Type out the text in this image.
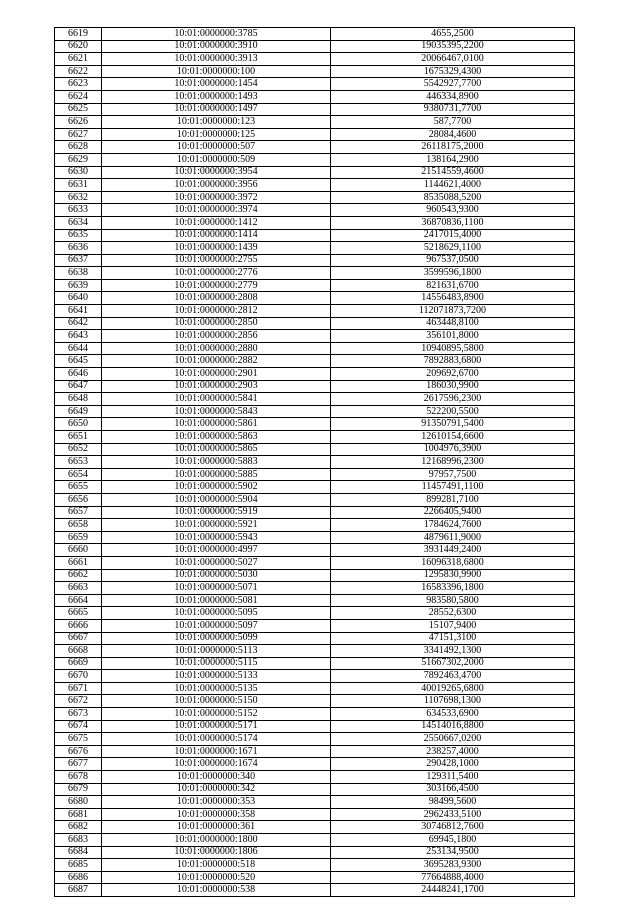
6619	10:01:0000000:3785	4655,2500
6620	10:01:0000000:3910	19035395,2200
6621	10:01:0000000:3913	20066467,0100
6622	10:01:0000000:100	1675329,4300
6623	10:01:0000000:1454	5542927,7700
6624	10:01:0000000:1493	446334,8900
6625	10:01:0000000:1497	9380731,7700
6626	10:01:0000000:123	587,7700
6627	10:01:0000000:125	28084,4600
6628	10:01:0000000:507	26118175,2000
6629	10:01:0000000:509	138164,2900
6630	10:01:0000000:3954	21514559,4600
6631	10:01:0000000:3956	1144621,4000
6632	10:01:0000000:3972	8535088,5200
6633	10:01:0000000:3974	960543,9300
6634	10:01:0000000:1412	36870836,1100
6635	10:01:0000000:1414	2417015,4000
6636	10:01:0000000:1439	5218629,1100
6637	10:01:0000000:2755	967537,0500
6638	10:01:0000000:2776	3599596,1800
6639	10:01:0000000:2779	821631,6700
6640	10:01:0000000:2808	14556483,8900
6641	10:01:0000000:2812	112071873,7200
6642	10:01:0000000:2850	463448,8100
6643	10:01:0000000:2856	356101,8000
6644	10:01:0000000:2880	10940895,5800
6645	10:01:0000000:2882	7892883,6800
6646	10:01:0000000:2901	209692,6700
6647	10:01:0000000:2903	186030,9900
6648	10:01:0000000:5841	2617596,2300
6649	10:01:0000000:5843	522200,5500
6650	10:01:0000000:5861	91350791,5400
6651	10:01:0000000:5863	12610154,6600
6652	10:01:0000000:5865	1004976,3900
6653	10:01:0000000:5883	12168996,2300
6654	10:01:0000000:5885	97957,7500
6655	10:01:0000000:5902	11457491,1100
6656	10:01:0000000:5904	899281,7100
6657	10:01:0000000:5919	2266405,9400
6658	10:01:0000000:5921	1784624,7600
6659	10:01:0000000:5943	4879611,9000
6660	10:01:0000000:4997	3931449,2400
6661	10:01:0000000:5027	16096318,6800
6662	10:01:0000000:5030	1295830,9900
6663	10:01:0000000:5071	16583396,1800
6664	10:01:0000000:5081	983580,5800
6665	10:01:0000000:5095	28552,6300
6666	10:01:0000000:5097	15107,9400
6667	10:01:0000000:5099	47151,3100
6668	10:01:0000000:5113	3341492,1300
6669	10:01:0000000:5115	51667302,2000
6670	10:01:0000000:5133	7892463,4700
6671	10:01:0000000:5135	40019265,6800
6672	10:01:0000000:5150	1107698,1300
6673	10:01:0000000:5152	634533,6900
6674	10:01:0000000:5171	14514016,8800
6675	10:01:0000000:5174	2550667,0200
6676	10:01:0000000:1671	238257,4000
6677	10:01:0000000:1674	290428,1000
6678	10:01:0000000:340	129311,5400
6679	10:01:0000000:342	303166,4500
6680	10:01:0000000:353	98499,5600
6681	10:01:0000000:358	2962433,5100
6682	10:01:0000000:361	30746812,7600
6683	10:01:0000000:1800	69945,1800
6684	10:01:0000000:1806	253134,9500
6685	10:01:0000000:518	3695283,9300
6686	10:01:0000000:520	77664888,4000
6687	10:01:0000000:538	24448241,1700
